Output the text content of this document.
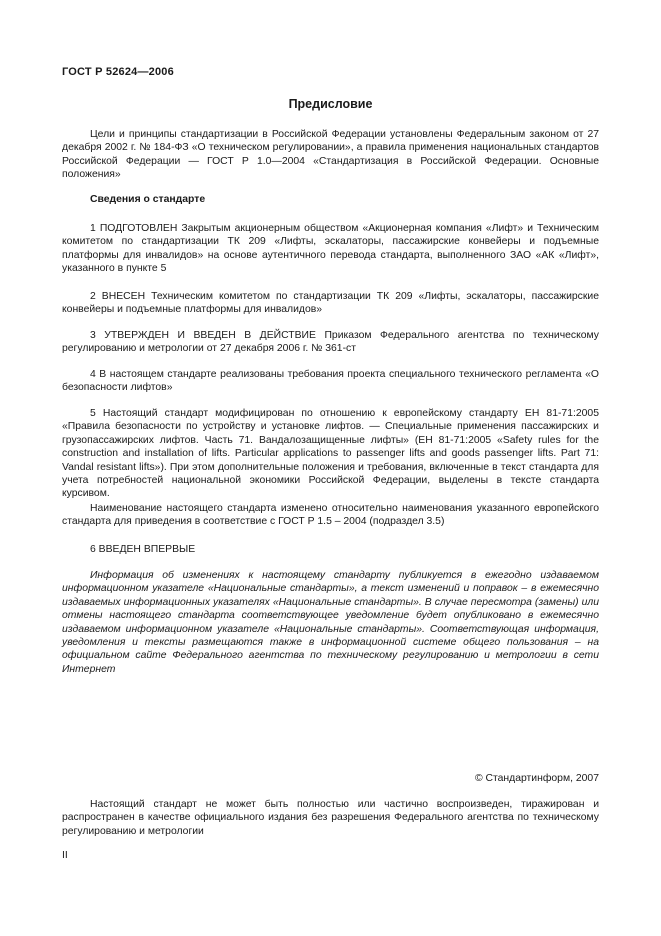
ГОСТ Р 52624—2006
Предисловие

Цели и принципы стандартизации в Российской Федерации установлены Федеральным законом от 27 декабря 2002 г. № 184-ФЗ «О техническом регулировании», а правила применения национальных стандартов Российской Федерации — ГОСТ Р 1.0—2004 «Стандартизация в Российской Федерации. Основные положения»

Сведения о стандарте

1 ПОДГОТОВЛЕН Закрытым акционерным обществом «Акционерная компания «Лифт» и Техническим комитетом по стандартизации ТК 209 «Лифты, эскалаторы, пассажирские конвейеры и подъемные платформы для инвалидов» на основе аутентичного перевода стандарта, выполненного ЗАО «АК «Лифт», указанного в пункте 5

2 ВНЕСЕН Техническим комитетом по стандартизации ТК 209 «Лифты, эскалаторы, пассажирские конвейеры и подъемные платформы для инвалидов»

3 УТВЕРЖДЕН И ВВЕДЕН В ДЕЙСТВИЕ Приказом Федерального агентства по техническому регулированию и метрологии от 27 декабря 2006 г. № 361-ст

4 В настоящем стандарте реализованы требования проекта специального технического регламента «О безопасности лифтов»

5 Настоящий стандарт модифицирован по отношению к европейскому стандарту ЕН 81-71:2005 «Правила безопасности по устройству и установке лифтов. — Специальные применения пассажирских и грузопассажирских лифтов. Часть 71. Вандалозащищенные лифты» (ЕН 81-71:2005 «Safety rules for the construction and installation of lifts. Particular applications to passenger lifts and goods passenger lifts. Part 71: Vandal resistant lifts»). При этом дополнительные положения и требования, включенные в текст стандарта для учета потребностей национальной экономики Российской Федерации, выделены в тексте стандарта курсивом.

Наименование настоящего стандарта изменено относительно наименования указанного европейского стандарта для приведения в соответствие с ГОСТ Р 1.5 – 2004 (подраздел 3.5)

6 ВВЕДЕН ВПЕРВЫЕ

Информация об изменениях к настоящему стандарту публикуется в ежегодно издаваемом информационном указателе «Национальные стандарты», а текст изменений и поправок – в ежемесячно издаваемых информационных указателях «Национальные стандарты». В случае пересмотра (замены) или отмены настоящего стандарта соответствующее уведомление будет опубликовано в ежемесячно издаваемом информационном указателе «Национальные стандарты». Соответствующая информация, уведомления и тексты размещаются также в информационной системе общего пользования – на официальном сайте Федерального агентства по техническому регулированию и метрологии в сети Интернет

© Стандартинформ, 2007

Настоящий стандарт не может быть полностью или частично воспроизведен, тиражирован и распространен в качестве официального издания без разрешения Федерального агентства по техническому регулированию и метрологии

II
